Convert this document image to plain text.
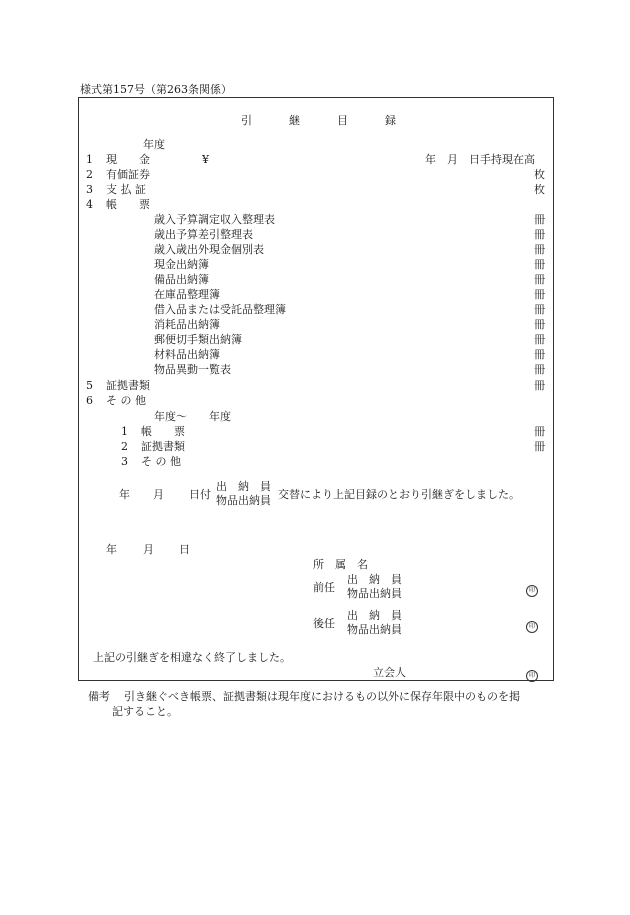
様式第157号（第263条関係）
引	継	目	録
年度
1 現　　金	¥	年　月　日手持現在高
2 有価証券	枚
3 支 払 証	枚
4 帳　　票
歳入予算調定収入整理表	冊
歳出予算差引整理表	冊
歳入歳出外現金個別表	冊
現金出納簿	冊
備品出納簿	冊
在庫品整理簿	冊
借入品または受託品整理簿	冊
消耗品出納簿	冊
郵便切手類出納簿	冊
材料品出納簿	冊
物品異動一覧表	冊
5 証拠書類	冊
6 そ の 他
年度～　　年度
1 帳　　票	冊
2 証拠書類	冊
3 そ の 他
年 月 日付
出　納　員
物品出納員 交替により上記目録のとおり引継ぎをしました。
年 月 日
所　属　名
前任
出　納　員
物品出納員	印
後任
出　納　員
物品出納員	印
上記の引継ぎを相違なく終了しました。
立会人	印
備考 引き継ぐべき帳票、証拠書類は現年度におけるもの以外に保存年限中のものを掲
記すること。
